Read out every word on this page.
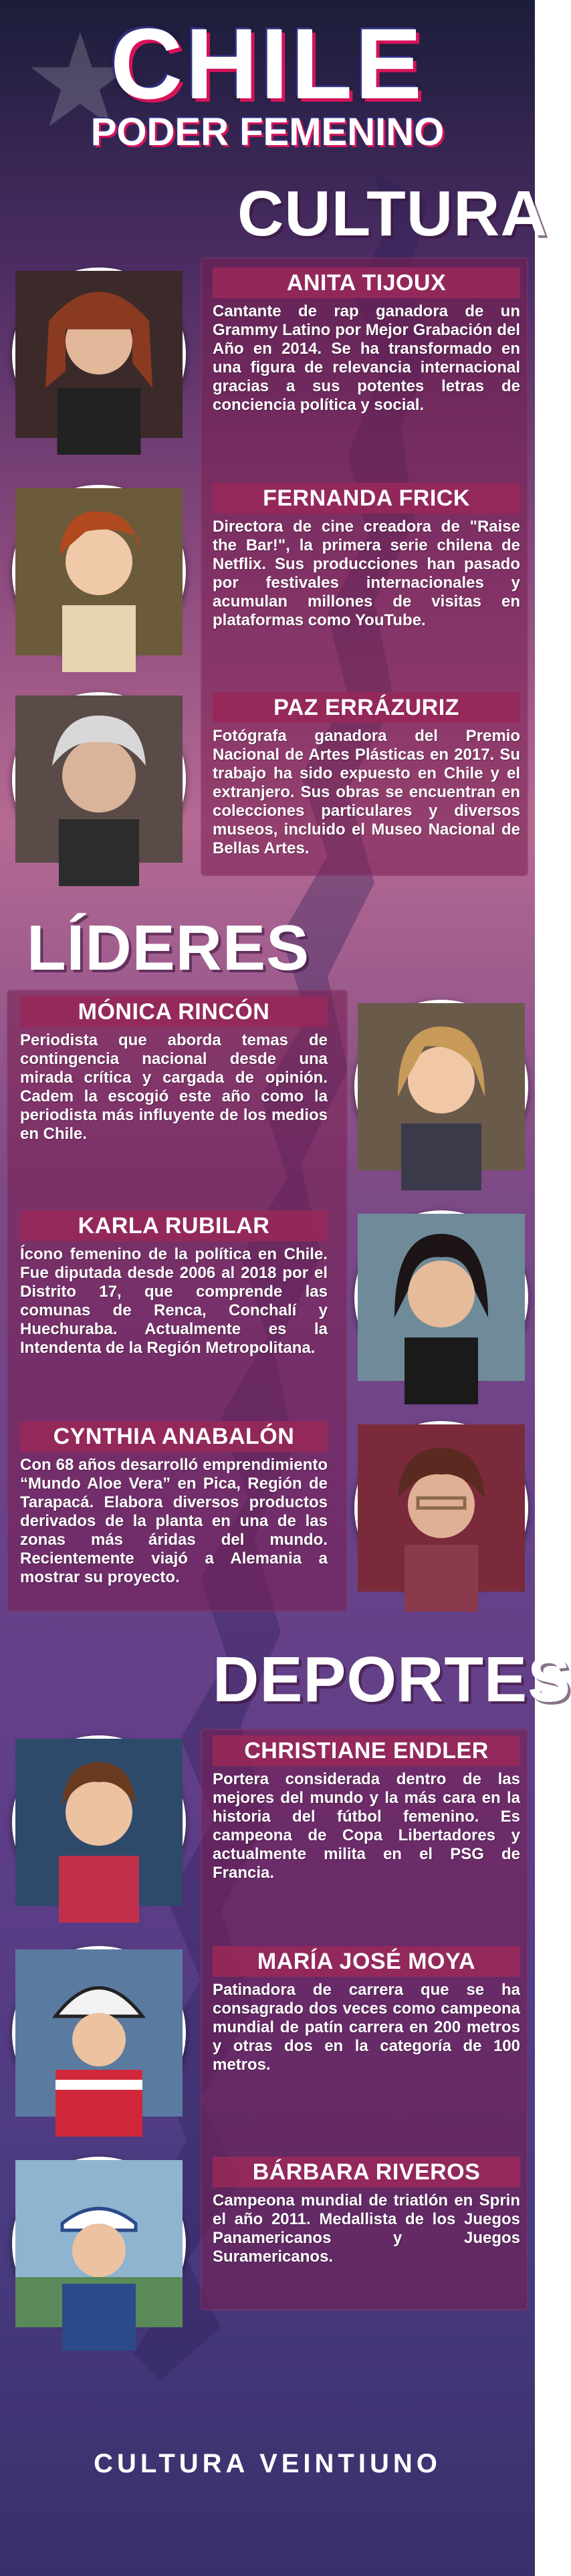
CHILE
PODER FEMENINO
CULTURA
ANITA TIJOUX
Cantante de rap ganadora de un Grammy Latino por Mejor Grabación del Año en 2014. Se ha transformado en una figura de relevancia internacional gracias a sus potentes letras de conciencia política y social.
FERNANDA FRICK
Directora de cine creadora de "Raise the Bar!", la primera serie chilena de Netflix. Sus producciones han pasado por festivales internacionales y acumulan millones de visitas en plataformas como YouTube.
PAZ ERRÁZURIZ
Fotógrafa ganadora del Premio Nacional de Artes Plásticas en 2017. Su trabajo ha sido expuesto en Chile y el extranjero. Sus obras se encuentran en colecciones particulares y diversos museos, incluido el Museo Nacional de Bellas Artes.
LÍDERES
MÓNICA RINCÓN
Periodista que aborda temas de contingencia nacional desde una mirada crítica y cargada de opinión. Cadem la escogió este año como la periodista más influyente de los medios en Chile.
KARLA RUBILAR
Ícono femenino de la política en Chile. Fue diputada desde 2006 al 2018 por el Distrito 17, que comprende las comunas de Renca, Conchalí y Huechuraba. Actualmente es la Intendenta de la Región Metropolitana.
CYNTHIA ANABALÓN
Con 68 años desarrolló emprendimiento “Mundo Aloe Vera” en Pica, Región de Tarapacá. Elabora diversos productos derivados de la planta en una de las zonas más áridas del mundo. Recientemente viajó a Alemania a mostrar su proyecto.
DEPORTES
CHRISTIANE ENDLER
Portera considerada dentro de las mejores del mundo y la más cara en la historia del fútbol femenino. Es campeona de Copa Libertadores y actualmente milita en el PSG de Francia.
MARÍA JOSÉ MOYA
Patinadora de carrera que se ha consagrado dos veces como campeona mundial de patín carrera en 200 metros y otras dos en la categoría de 100 metros.
BÁRBARA RIVEROS
Campeona mundial de triatlón en Sprin el año 2011. Medallista de los Juegos Panamericanos y Juegos Suramericanos.
CULTURA VEINTIUNO
